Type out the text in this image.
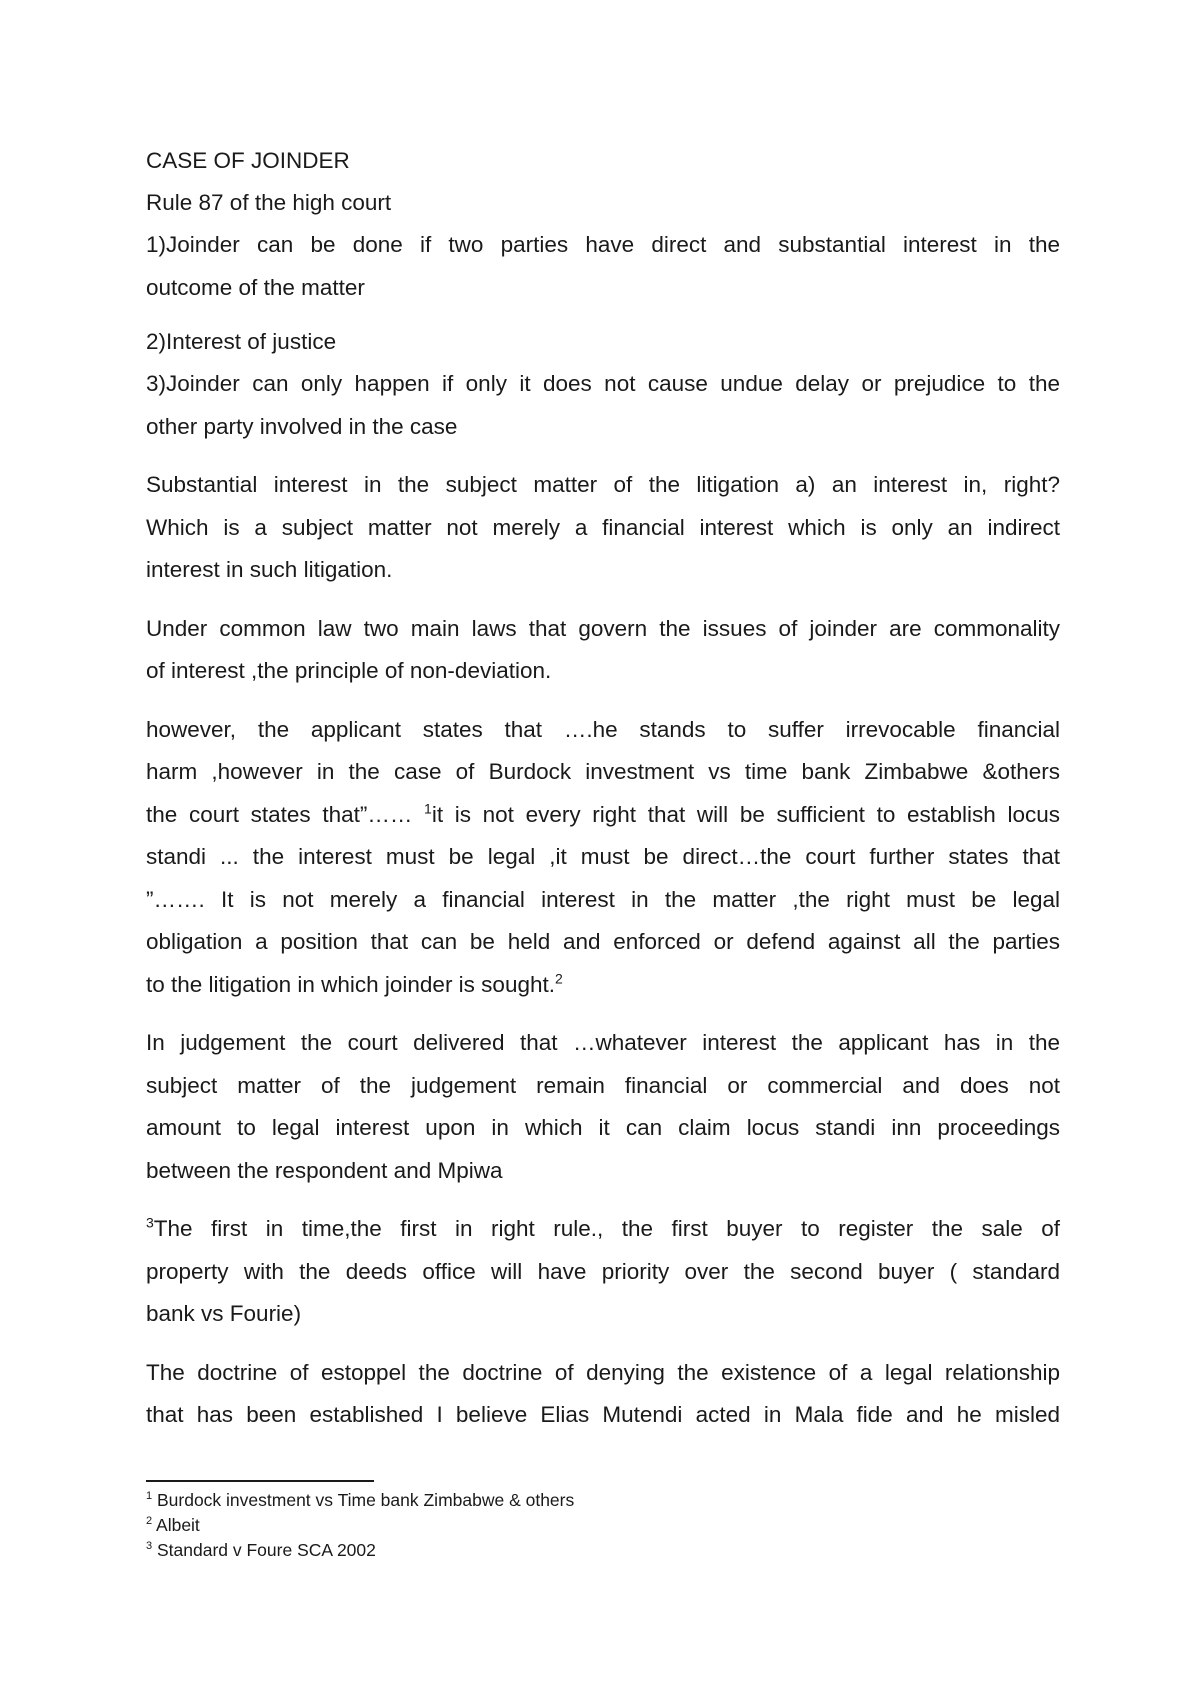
CASE OF JOINDER

Rule 87 of the high court

1)Joinder can be done if two parties have direct and substantial interest in the
outcome of the matter

2)Interest of justice

3)Joinder can only happen if only it does not cause undue delay or prejudice to the
other party involved in the case

Substantial interest in the subject matter of the litigation a) an interest in, right?
Which is a subject matter not merely a financial interest which is only an indirect
interest in such litigation.

Under common law two main laws that govern the issues of joinder are commonality
of interest ,the principle of non-deviation.

however, the applicant states that ….he stands to suffer irrevocable financial
harm ,however in the case of Burdock investment vs time bank Zimbabwe &others
the court states that”…… $^1$it is not every right that will be sufficient to establish locus
standi ... the interest must be legal ,it must be direct…the court further states that
”……. It is not merely a financial interest in the matter ,the right must be legal
obligation a position that can be held and enforced or defend against all the parties
to the litigation in which joinder is sought.$^2$

In judgement the court delivered that …whatever interest the applicant has in the
subject matter of the judgement remain financial or commercial and does not
amount to legal interest upon in which it can claim locus standi inn proceedings
between the respondent and Mpiwa

$^3$The first in time,the first in right rule., the first buyer to register the sale of
property with the deeds office will have priority over the second buyer ( standard
bank vs Fourie)

The doctrine of estoppel the doctrine of denying the existence of a legal relationship
that has been established I believe Elias Mutendi acted in Mala fide and he misled

$^1$ Burdock investment vs Time bank Zimbabwe & others
$^2$ Albeit
$^3$ Standard v Foure SCA 2002
